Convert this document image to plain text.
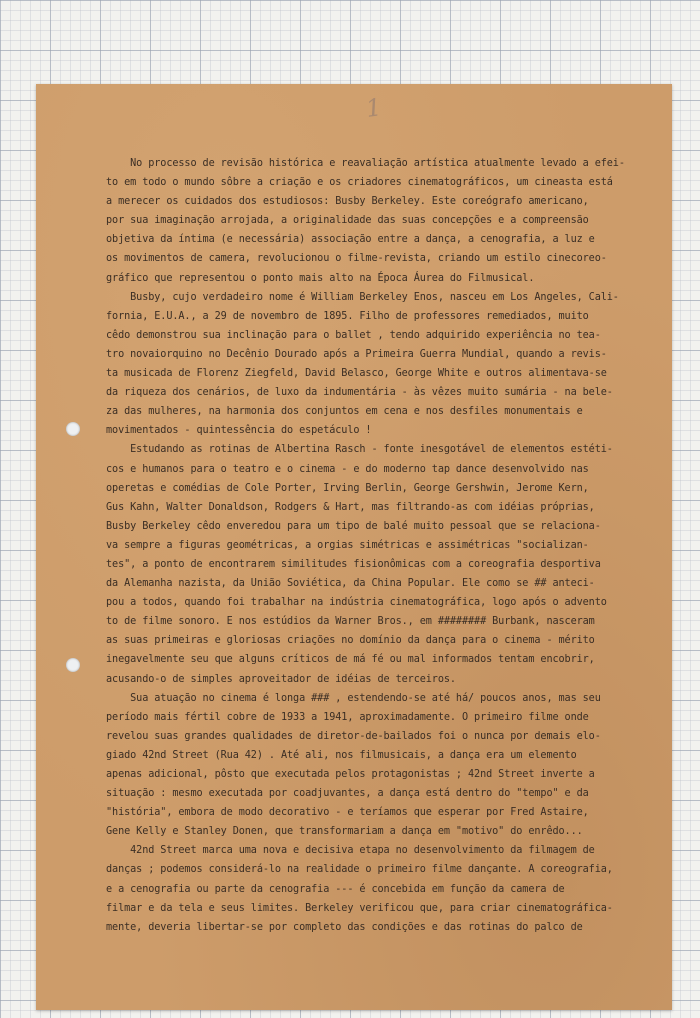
1
No processo de revisão histórica e reavaliação artística atualmente levado a efei-
to em todo o mundo sôbre a criação e os criadores cinematográficos, um cineasta está
a merecer os cuidados dos estudiosos: Busby Berkeley. Este coreógrafo americano,
por sua imaginação arrojada, a originalidade das suas concepções e a compreensão
objetiva da íntima (e necessária) associação entre a dança, a cenografia, a luz e
os movimentos de camera, revolucionou o filme-revista, criando um estilo cinecoreo-
gráfico que representou o ponto mais alto na Época Áurea do Filmusical.
Busby, cujo verdadeiro nome é William Berkeley Enos, nasceu em Los Angeles, Cali-
fornia, E.U.A., a 29 de novembro de 1895. Filho de professores remediados, muito
cêdo demonstrou sua inclinação para o ballet , tendo adquirido experiência no tea-
tro novaiorquino no Decênio Dourado após a Primeira Guerra Mundial, quando a revis-
ta musicada de Florenz Ziegfeld, David Belasco, George White e outros alimentava-se
da riqueza dos cenários, de luxo da indumentária - às vêzes muito sumária - na bele-
za das mulheres, na harmonia dos conjuntos em cena e nos desfiles monumentais e
movimentados - quintessência do espetáculo !
Estudando as rotinas de Albertina Rasch - fonte inesgotável de elementos estéti-
cos e humanos para o teatro e o cinema - e do moderno tap dance desenvolvido nas
operetas e comédias de Cole Porter, Irving Berlin, George Gershwin, Jerome Kern,
Gus Kahn, Walter Donaldson, Rodgers & Hart, mas filtrando-as com idéias próprias,
Busby Berkeley cêdo enveredou para um tipo de balé muito pessoal que se relaciona-
va sempre a figuras geométricas, a orgias simétricas e assimétricas "socializan-
tes", a ponto de encontrarem similitudes fisionômicas com a coreografia desportiva
da Alemanha nazista, da União Soviética, da China Popular. Ele como se ## anteci-
pou a todos, quando foi trabalhar na indústria cinematográfica, logo após o advento
to de filme sonoro. E nos estúdios da Warner Bros., em ######## Burbank, nasceram
as suas primeiras e gloriosas criações no domínio da dança para o cinema - mérito
inegavelmente seu que alguns críticos de má fé ou mal informados tentam encobrir,
acusando-o de simples aproveitador de idéias de terceiros.
Sua atuação no cinema é longa ### , estendendo-se até há/ poucos anos, mas seu
período mais fértil cobre de 1933 a 1941, aproximadamente. O primeiro filme onde
revelou suas grandes qualidades de diretor-de-bailados foi o nunca por demais elo-
giado 42nd Street (Rua 42) . Até ali, nos filmusicais, a dança era um elemento
apenas adicional, pôsto que executada pelos protagonistas ; 42nd Street inverte a
situação : mesmo executada por coadjuvantes, a dança está dentro do "tempo" e da
"história", embora de modo decorativo - e teríamos que esperar por Fred Astaire,
Gene Kelly e Stanley Donen, que transformariam a dança em "motivo" do enrêdo...
42nd Street marca uma nova e decisiva etapa no desenvolvimento da filmagem de
danças ; podemos considerá-lo na realidade o primeiro filme dançante. A coreografia,
e a cenografia ou parte da cenografia --- é concebida em função da camera de
filmar e da tela e seus limites. Berkeley verificou que, para criar cinematográfica-
mente, deveria libertar-se por completo das condições e das rotinas do palco de
